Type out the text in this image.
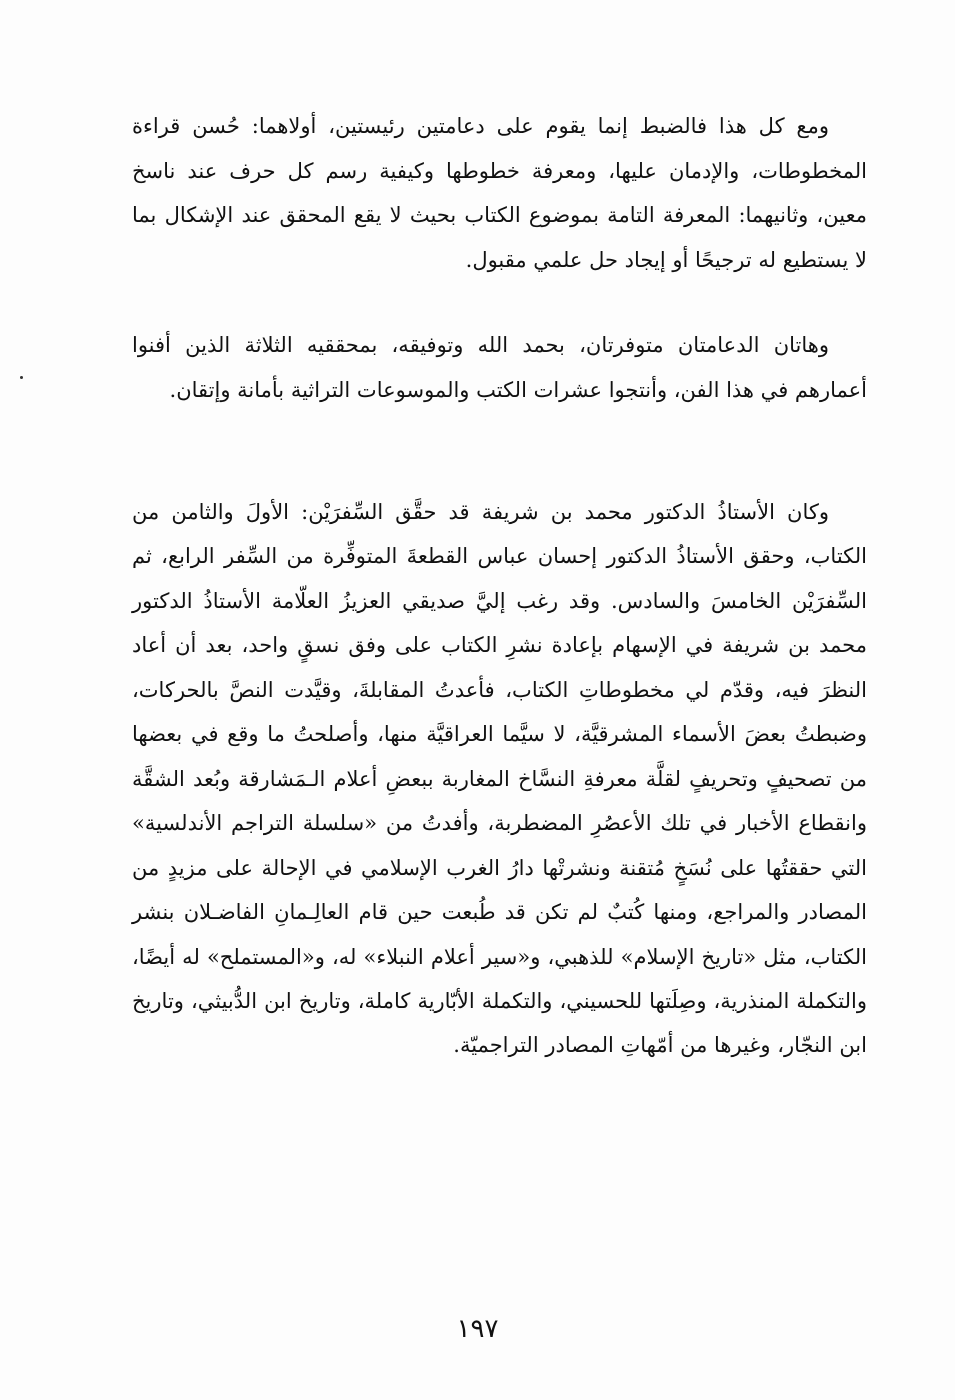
ومع كل هذا فالضبط إنما يقوم على دعامتين رئيستين، أولاهما: حُسن قراءة المخطوطات، والإدمان عليها، ومعرفة خطوطها وكيفية رسم كل حرف عند ناسخ معين، وثانيهما: المعرفة التامة بموضوع الكتاب بحيث لا يقع المحقق عند الإشكال بما لا يستطيع له ترجيحًا أو إيجاد حل علمي مقبول.

وهاتان الدعامتان متوفرتان، بحمد الله وتوفيقه، بمحققيه الثلاثة الذين أفنوا أعمارهم في هذا الفن، وأنتجوا عشرات الكتب والموسوعات التراثية بأمانة وإتقان.

وكان الأستاذُ الدكتور محمد بن شريفة قد حقَّق السِّفرَيْن: الأولَ والثامن من الكتاب، وحقق الأستاذُ الدكتور إحسان عباس القطعةَ المتوفِّرة من السِّفر الرابع، ثم السِّفرَيْن الخامسَ والسادس. وقد رغب إليَّ صديقي العزيزُ العلّامة الأستاذُ الدكتور محمد بن شريفة في الإسهام بإعادة نشرِ الكتاب على وفق نسقٍ واحد، بعد أن أعاد النظرَ فيه، وقدّم لي مخطوطاتِ الكتاب، فأعدتُ المقابلةَ، وقيَّدت النصَّ بالحركات، وضبطتُ بعضَ الأسماء المشرقيَّة، لا سيَّما العراقيَّة منها، وأصلحتُ ما وقع في بعضها من تصحيفٍ وتحريفٍ لقلَّة معرفةِ النسَّاخ المغاربة ببعضِ أعلام الـمَشارقة وبُعد الشقَّة وانقطاع الأخبار في تلك الأعصُرِ المضطربة، وأفدتُ من «سلسلة التراجم الأندلسية» التي حققتُها على نُسَخٍ مُتقنة ونشرتْها دارُ الغرب الإسلامي في الإحالة على مزيدٍ من المصادر والمراجع، ومنها كُتبٌ لم تكن قد طُبعت حين قام العالِـمانِ الفاضـلان بنشر الكتاب، مثل «تاريخ الإسلام» للذهبي، و«سير أعلام النبلاء» له، و«المستملح» له أيضًا، والتكملة المنذرية، وصِلَتها للحسيني، والتكملة الأبّارية كاملة، وتاريخ ابن الدُّبيثي، وتاريخ ابن النجّار، وغيرها من أمّهاتِ المصادر التراجميّة.

١٩٧
